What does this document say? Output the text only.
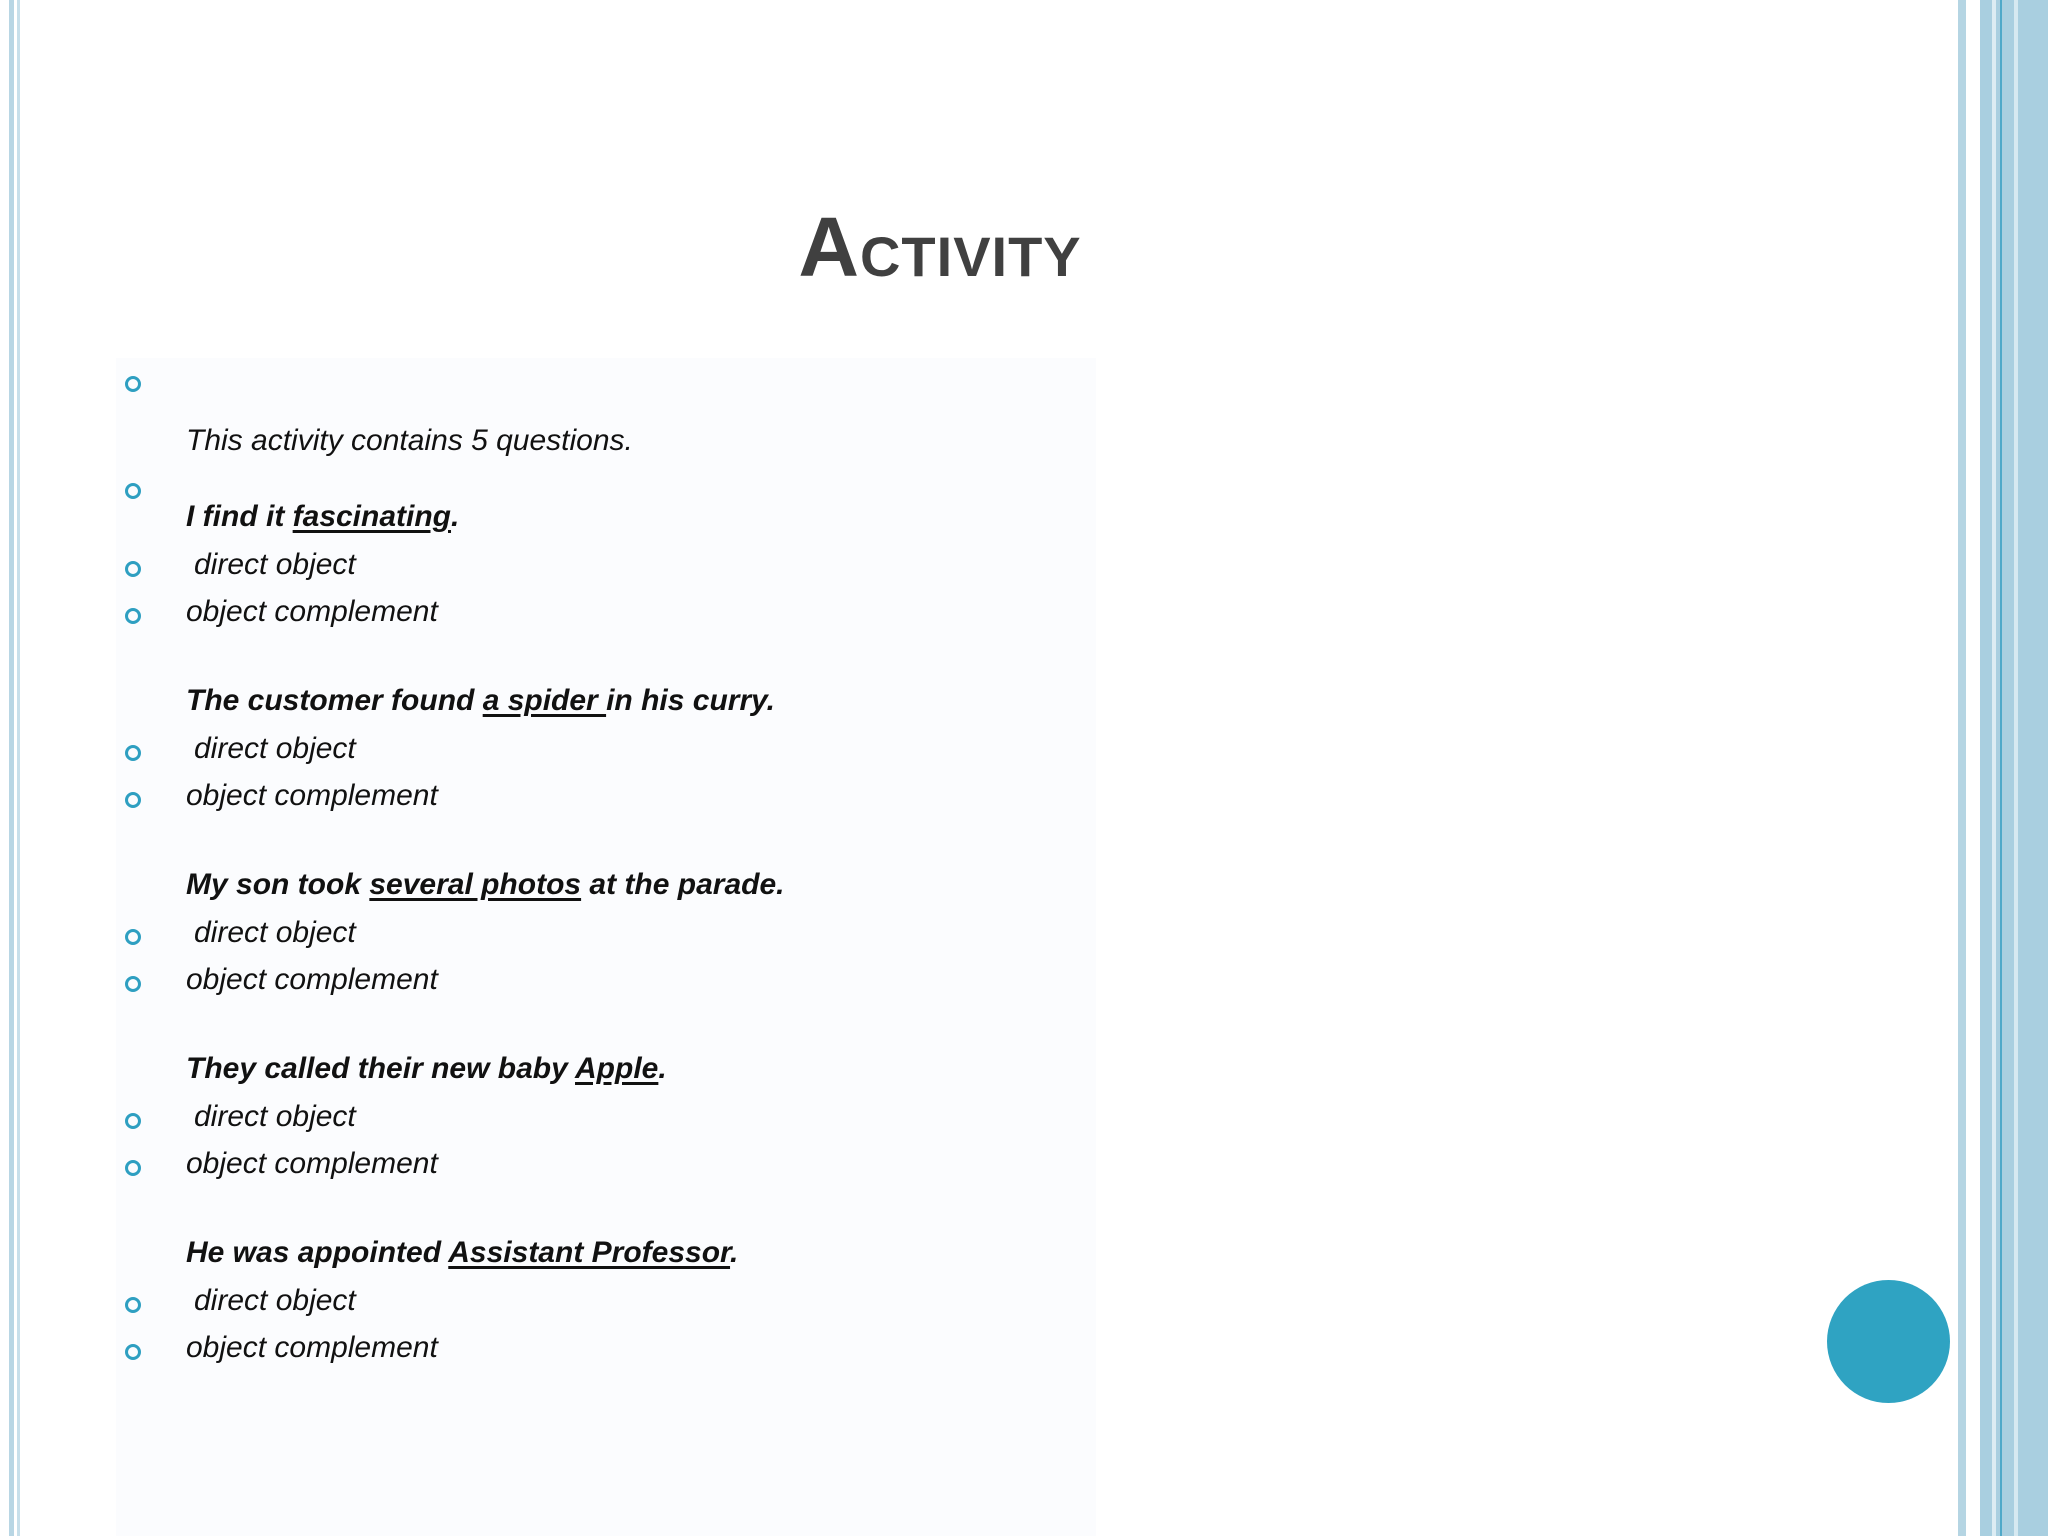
ACTIVITY
This activity contains 5 questions.
I find it fascinating.
direct object
object complement
The customer found a spider in his curry.
direct object
object complement
My son took several photos at the parade.
direct object
object complement
They called their new baby Apple.
direct object
object complement
He was appointed Assistant Professor.
direct object
object complement
